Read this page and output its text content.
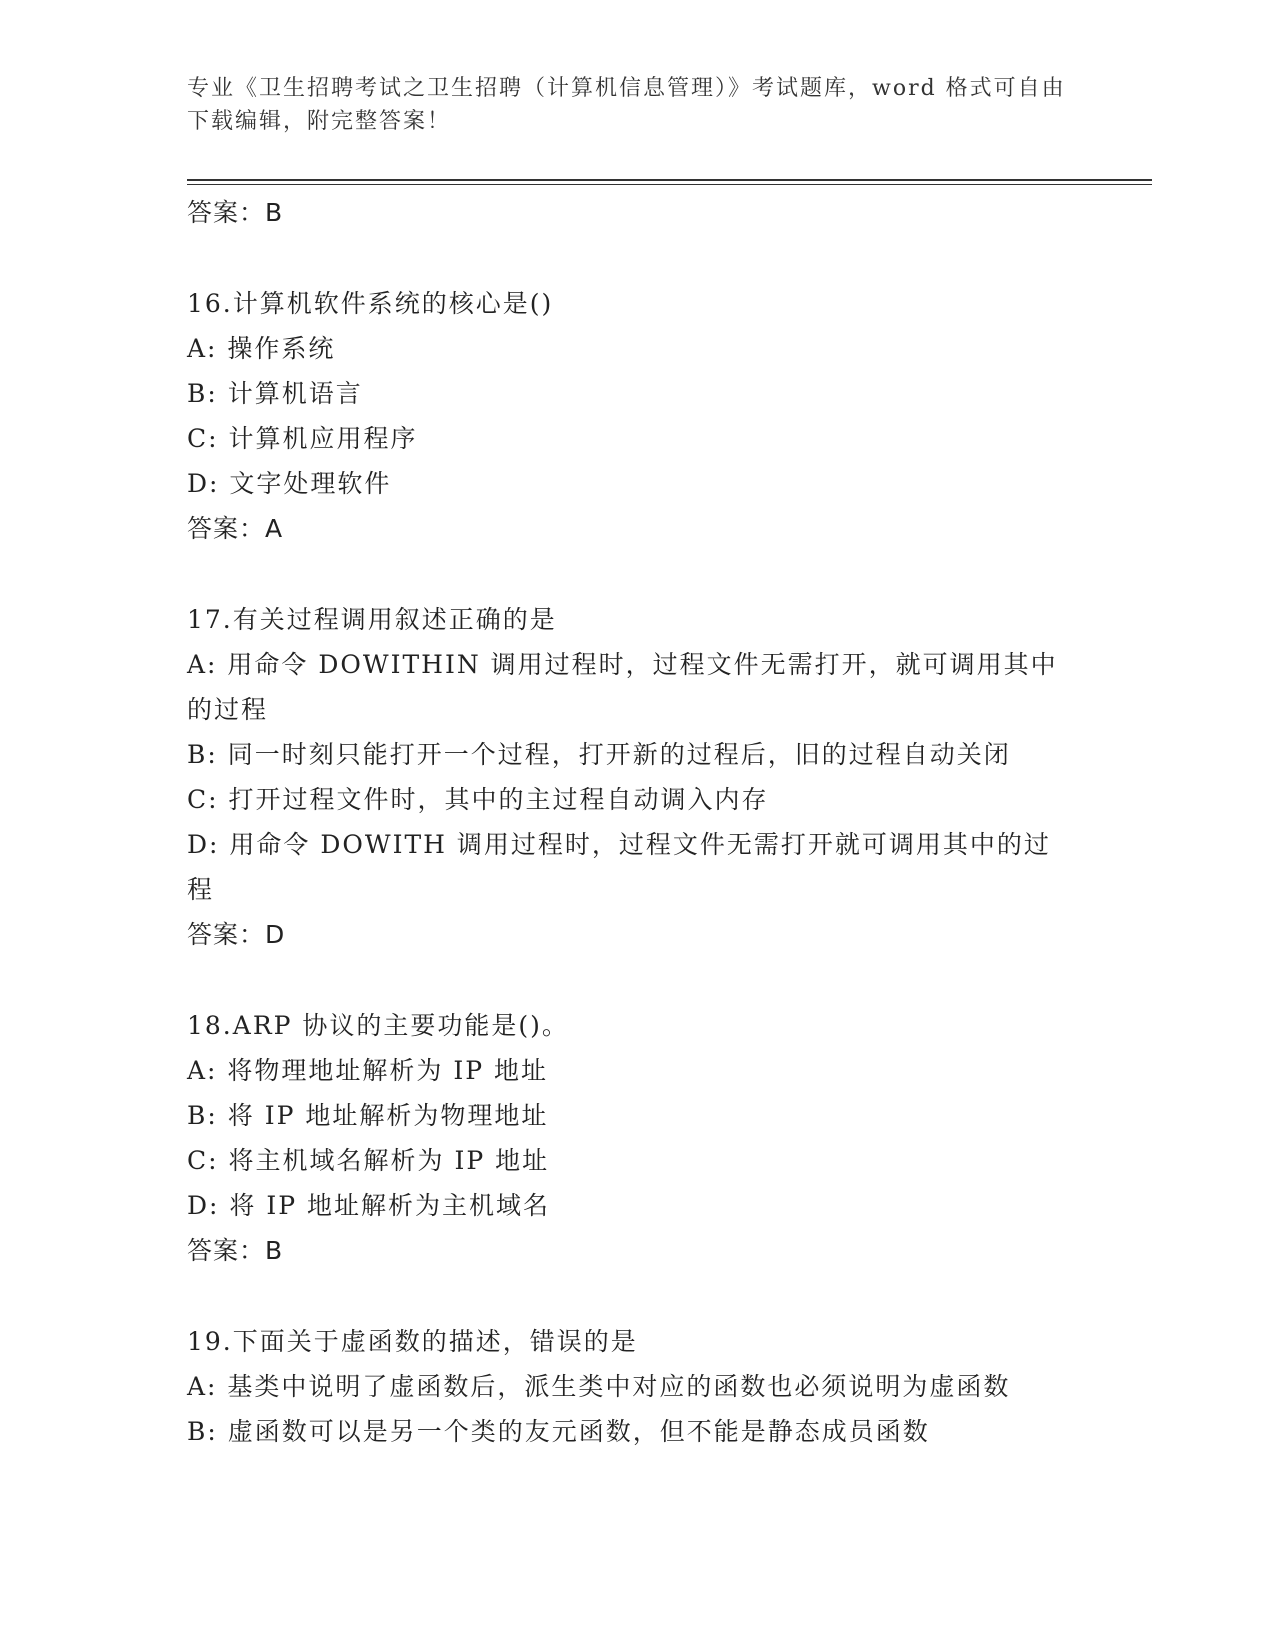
专业《卫生招聘考试之卫生招聘（计算机信息管理）》考试题库，word 格式可自由下载编辑，附完整答案！
答案：B
16.计算机软件系统的核心是()
A: 操作系统
B: 计算机语言
C: 计算机应用程序
D: 文字处理软件
答案：A
17.有关过程调用叙述正确的是
A: 用命令 DOWITHIN 调用过程时，过程文件无需打开，就可调用其中的过程
B: 同一时刻只能打开一个过程，打开新的过程后，旧的过程自动关闭
C: 打开过程文件时，其中的主过程自动调入内存
D: 用命令 DOWITH 调用过程时，过程文件无需打开就可调用其中的过程
答案：D
18.ARP 协议的主要功能是()。
A: 将物理地址解析为 IP 地址
B: 将 IP 地址解析为物理地址
C: 将主机域名解析为 IP 地址
D: 将 IP 地址解析为主机域名
答案：B
19.下面关于虚函数的描述，错误的是
A: 基类中说明了虚函数后，派生类中对应的函数也必须说明为虚函数
B: 虚函数可以是另一个类的友元函数，但不能是静态成员函数
